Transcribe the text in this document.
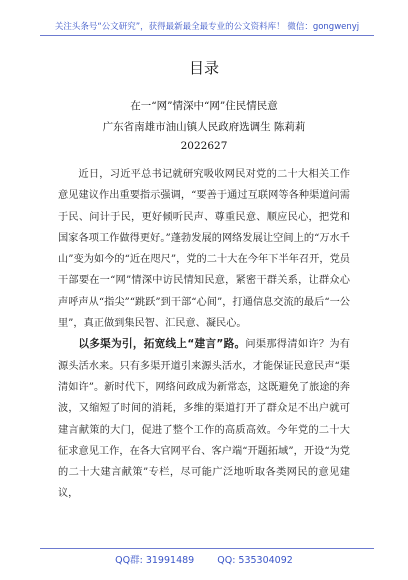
关注头条号“公文研究”，获得最新最全最专业的公文资料库！ 微信：gongwenyj
目录
在一“网”情深中“网”住民情民意
广东省南雄市油山镇人民政府选调生 陈莉莉
2022627

近日，习近平总书记就研究吸收网民对党的二十大相关工作意见建议作出重要指示强调，“要善于通过互联网等各种渠道问需于民、问计于民，更好倾听民声、尊重民意、顺应民心，把党和国家各项工作做得更好。”蓬勃发展的网络发展让空间上的“万水千山”变为如今的“近在咫尺”，党的二十大在今年下半年召开，党员干部要在一“网”情深中访民情知民意，紧密干群关系，让群众心声呼声从“指尖”“跳跃”到干部“心间”，打通信息交流的最后“一公里”，真正做到集民智、汇民意、凝民心。

以多渠为引，拓宽线上“建言”路。问渠那得清如许？为有源头活水来。只有多渠开道引来源头活水，才能保证民意民声“渠清如许”。新时代下，网络问政成为新常态，这既避免了旅途的奔波，又缩短了时间的消耗，多维的渠道打开了群众足不出户就可建言献策的大门，促进了整个工作的高质高效。今年党的二十大征求意见工作，在各大官网平台、客户端“开题拓域”，开设“为党的二十大建言献策”专栏，尽可能广泛地听取各类网民的意见建议，

QQ群: 31991489 QQ: 535304092
